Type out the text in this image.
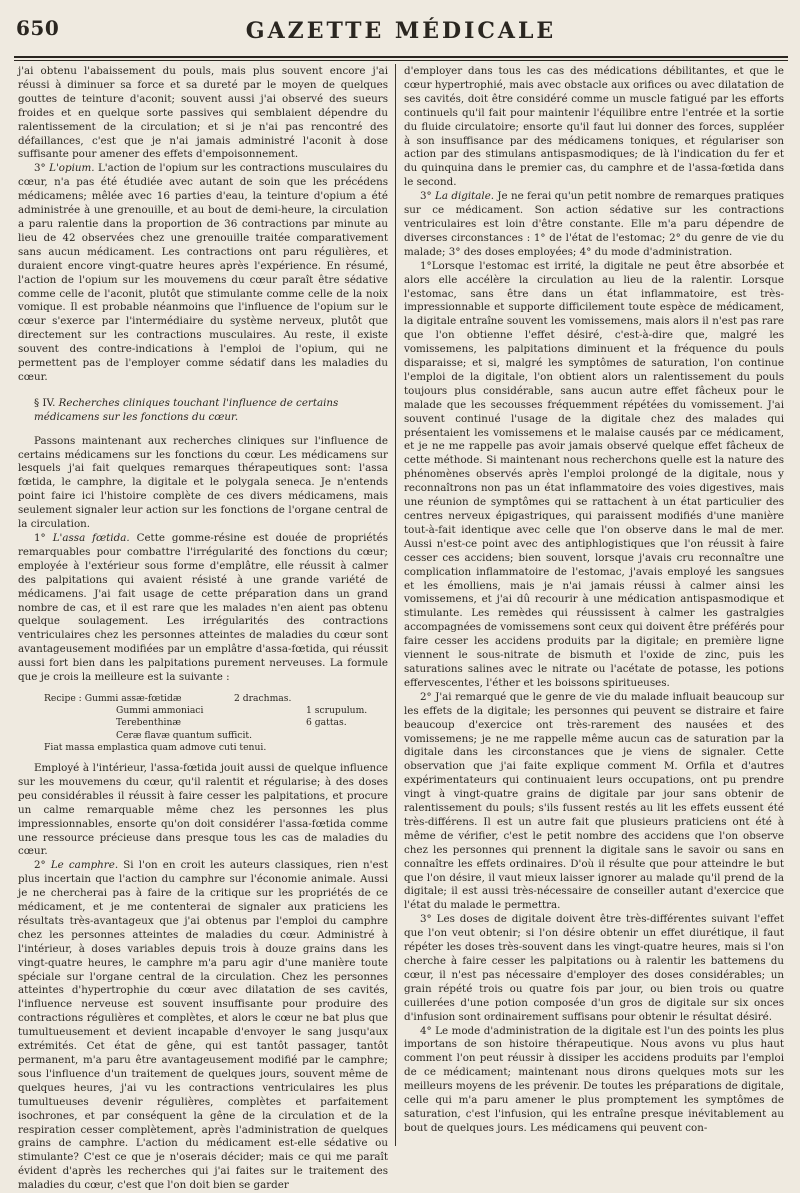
650	GAZETTE MÉDICALE

j'ai obtenu l'abaissement du pouls, mais plus souvent encore j'ai réussi à diminuer sa force et sa dureté par le moyen de quelques gouttes de teinture d'aconit; souvent aussi j'ai observé des sueurs froides et en quelque sorte passives qui semblaient dépendre du ralentissement de la circulation; et si je n'ai pas rencontré des défaillances, c'est que je n'ai jamais administré l'aconit à dose suffisante pour amener des effets d'empoisonnement.

3° L'opium. L'action de l'opium sur les contractions musculaires du cœur, n'a pas été étudiée avec autant de soin que les précédens médicamens; mêlée avec 16 parties d'eau, la teinture d'opium a été administrée à une grenouille, et au bout de demi-heure, la circulation a paru ralentie dans la proportion de 36 contractions par minute au lieu de 42 observées chez une grenouille traitée comparativement sans aucun médicament. Les contractions ont paru régulières, et duraient encore vingt-quatre heures après l'expérience. En résumé, l'action de l'opium sur les mouvemens du cœur paraît être sédative comme celle de l'aconit, plutôt que stimulante comme celle de la noix vomique. Il est probable néanmoins que l'influence de l'opium sur le cœur s'exerce par l'intermédiaire du système nerveux, plutôt que directement sur les contractions musculaires. Au reste, il existe souvent des contre-indications à l'emploi de l'opium, qui ne permettent pas de l'employer comme sédatif dans les maladies du cœur.

§ IV. Recherches cliniques touchant l'influence de certains médicamens sur les fonctions du cœur.

Passons maintenant aux recherches cliniques sur l'influence de certains médicamens sur les fonctions du cœur. Les médicamens sur lesquels j'ai fait quelques remarques thérapeutiques sont: l'assa fœtida, le camphre, la digitale et le polygala seneca. Je n'entends point faire ici l'histoire complète de ces divers médicamens, mais seulement signaler leur action sur les fonctions de l'organe central de la circulation.

1° L'assa fœtida. Cette gomme-résine est douée de propriétés remarquables pour combattre l'irrégularité des fonctions du cœur; employée à l'extérieur sous forme d'emplâtre, elle réussit à calmer des palpitations qui avaient résisté à une grande variété de médicamens. J'ai fait usage de cette préparation dans un grand nombre de cas, et il est rare que les malades n'en aient pas obtenu quelque soulagement. Les irrégularités des contractions ventriculaires chez les personnes atteintes de maladies du cœur sont avantageusement modifiées par un emplâtre d'assa-fœtida, qui réussit aussi fort bien dans les palpitations purement nerveuses. La formule que je crois la meilleure est la suivante :

Recipe : Gummi assæ-fœtidæ	2 drachmas.
Gummi ammoniaci	1 scrupulum.
Terebenthinæ	6 gattas.
Ceræ flavæ quantum sufficit.
Fiat massa emplastica quam admove cuti tenui.

Employé à l'intérieur, l'assa-fœtida jouit aussi de quelque influence sur les mouvemens du cœur, qu'il ralentit et régularise; à des doses peu considérables il réussit à faire cesser les palpitations, et procure un calme remarquable même chez les personnes les plus impressionnables, ensorte qu'on doit considérer l'assa-fœtida comme une ressource précieuse dans presque tous les cas de maladies du cœur.

2° Le camphre. Si l'on en croit les auteurs classiques, rien n'est plus incertain que l'action du camphre sur l'économie animale. Aussi je ne chercherai pas à faire de la critique sur les propriétés de ce médicament, et je me contenterai de signaler aux praticiens les résultats très-avantageux que j'ai obtenus par l'emploi du camphre chez les personnes atteintes de maladies du cœur. Administré à l'intérieur, à doses variables depuis trois à douze grains dans les vingt-quatre heures, le camphre m'a paru agir d'une manière toute spéciale sur l'organe central de la circulation. Chez les personnes atteintes d'hypertrophie du cœur avec dilatation de ses cavités, l'influence nerveuse est souvent insuffisante pour produire des contractions régulières et complètes, et alors le cœur ne bat plus que tumultueusement et devient incapable d'envoyer le sang jusqu'aux extrémités. Cet état de gêne, qui est tantôt passager, tantôt permanent, m'a paru être avantageusement modifié par le camphre; sous l'influence d'un traitement de quelques jours, souvent même de quelques heures, j'ai vu les contractions ventriculaires les plus tumultueuses devenir régulières, complètes et parfaitement isochrones, et par conséquent la gêne de la circulation et de la respiration cesser complètement, après l'administration de quelques grains de camphre. L'action du médicament est-elle sédative ou stimulante? C'est ce que je n'oserais décider; mais ce qui me paraît évident d'après les recherches qui j'ai faites sur le traitement des maladies du cœur, c'est que l'on doit bien se garder

d'employer dans tous les cas des médications débilitantes, et que le cœur hypertrophié, mais avec obstacle aux orifices ou avec dilatation de ses cavités, doit être considéré comme un muscle fatigué par les efforts continuels qu'il fait pour maintenir l'équilibre entre l'entrée et la sortie du fluide circulatoire; ensorte qu'il faut lui donner des forces, suppléer à son insuffisance par des médicamens toniques, et régulariser son action par des stimulans antispasmodiques; de là l'indication du fer et du quinquina dans le premier cas, du camphre et de l'assa-fœtida dans le second.

3° La digitale. Je ne ferai qu'un petit nombre de remarques pratiques sur ce médicament. Son action sédative sur les contractions ventriculaires est loin d'être constante. Elle m'a paru dépendre de diverses circonstances : 1° de l'état de l'estomac; 2° du genre de vie du malade; 3° des doses employées; 4° du mode d'administration.

1°Lorsque l'estomac est irrité, la digitale ne peut être absorbée et alors elle accélère la circulation au lieu de la ralentir. Lorsque l'estomac, sans être dans un état inflammatoire, est très-impressionnable et supporte difficilement toute espèce de médicament, la digitale entraîne souvent les vomissemens, mais alors il n'est pas rare que l'on obtienne l'effet désiré, c'est-à-dire que, malgré les vomissemens, les palpitations diminuent et la fréquence du pouls disparaisse; et si, malgré les symptômes de saturation, l'on continue l'emploi de la digitale, l'on obtient alors un ralentissement du pouls toujours plus considérable, sans aucun autre effet fâcheux pour le malade que les secousses fréquemment répétées du vomissement. J'ai souvent continué l'usage de la digitale chez des malades qui présentaient les vomissemens et le malaise causés par ce médicament, et je ne me rappelle pas avoir jamais observé quelque effet fâcheux de cette méthode. Si maintenant nous recherchons quelle est la nature des phénomènes observés après l'emploi prolongé de la digitale, nous y reconnaîtrons non pas un état inflammatoire des voies digestives, mais une réunion de symptômes qui se rattachent à un état particulier des centres nerveux épigastriques, qui paraissent modifiés d'une manière tout-à-fait identique avec celle que l'on observe dans le mal de mer. Aussi n'est-ce point avec des antiphlogistiques que l'on réussit à faire cesser ces accidens; bien souvent, lorsque j'avais cru reconnaître une complication inflammatoire de l'estomac, j'avais employé les sangsues et les émolliens, mais je n'ai jamais réussi à calmer ainsi les vomissemens, et j'ai dû recourir à une médication antispasmodique et stimulante. Les remèdes qui réussissent à calmer les gastralgies accompagnées de vomissemens sont ceux qui doivent être préférés pour faire cesser les accidens produits par la digitale; en première ligne viennent le sous-nitrate de bismuth et l'oxide de zinc, puis les saturations salines avec le nitrate ou l'acétate de potasse, les potions effervescentes, l'éther et les boissons spiritueuses.

2° J'ai remarqué que le genre de vie du malade influait beaucoup sur les effets de la digitale; les personnes qui peuvent se distraire et faire beaucoup d'exercice ont très-rarement des nausées et des vomissemens; je ne me rappelle même aucun cas de saturation par la digitale dans les circonstances que je viens de signaler. Cette observation que j'ai faite explique comment M. Orfila et d'autres expérimentateurs qui continuaient leurs occupations, ont pu prendre vingt à vingt-quatre grains de digitale par jour sans obtenir de ralentissement du pouls; s'ils fussent restés au lit les effets eussent été très-différens. Il est un autre fait que plusieurs praticiens ont été à même de vérifier, c'est le petit nombre des accidens que l'on observe chez les personnes qui prennent la digitale sans le savoir ou sans en connaître les effets ordinaires. D'où il résulte que pour atteindre le but que l'on désire, il vaut mieux laisser ignorer au malade qu'il prend de la digitale; il est aussi très-nécessaire de conseiller autant d'exercice que l'état du malade le permettra.

3° Les doses de digitale doivent être très-différentes suivant l'effet que l'on veut obtenir; si l'on désire obtenir un effet diurétique, il faut répéter les doses très-souvent dans les vingt-quatre heures, mais si l'on cherche à faire cesser les palpitations ou à ralentir les battemens du cœur, il n'est pas nécessaire d'employer des doses considérables; un grain répété trois ou quatre fois par jour, ou bien trois ou quatre cuillerées d'une potion composée d'un gros de digitale sur six onces d'infusion sont ordinairement suffisans pour obtenir le résultat désiré.

4° Le mode d'administration de la digitale est l'un des points les plus importans de son histoire thérapeutique. Nous avons vu plus haut comment l'on peut réussir à dissiper les accidens produits par l'emploi de ce médicament; maintenant nous dirons quelques mots sur les meilleurs moyens de les prévenir. De toutes les préparations de digitale, celle qui m'a paru amener le plus promptement les symptômes de saturation, c'est l'infusion, qui les entraîne presque inévitablement au bout de quelques jours. Les médicamens qui peuvent con-
